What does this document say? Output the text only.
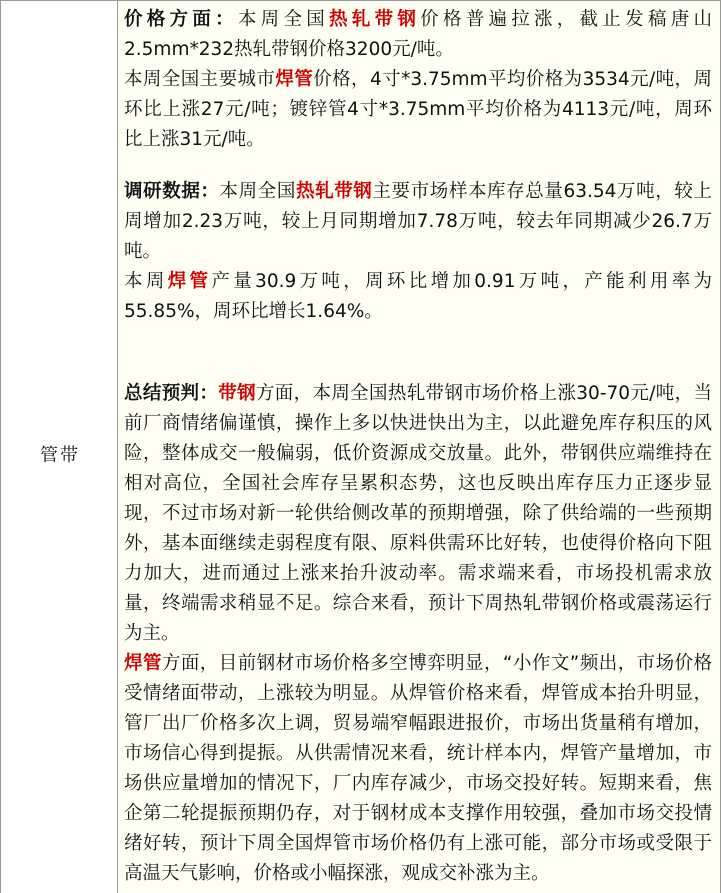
管带

价格方面：本周全国热轧带钢价格普遍拉涨，截止发稿唐山2.5mm*232热轧带钢价格3200元/吨。

本周全国主要城市焊管价格，4寸*3.75mm平均价格为3534元/吨，周环比上涨27元/吨；镀锌管4寸*3.75mm平均价格为4113元/吨，周环比上涨31元/吨。

调研数据：本周全国热轧带钢主要市场样本库存总量63.54万吨，较上周增加2.23万吨，较上月同期增加7.78万吨，较去年同期减少26.7万吨。

本周焊管产量30.9万吨，周环比增加0.91万吨，产能利用率为55.85%，周环比增长1.64%。

总结预判：带钢方面，本周全国热轧带钢市场价格上涨30-70元/吨，当前厂商情绪偏谨慎，操作上多以快进快出为主，以此避免库存积压的风险，整体成交一般偏弱，低价资源成交放量。此外，带钢供应端维持在相对高位，全国社会库存呈累积态势，这也反映出库存压力正逐步显现，不过市场对新一轮供给侧改革的预期增强，除了供给端的一些预期外，基本面继续走弱程度有限、原料供需环比好转，也使得价格向下阻力加大，进而通过上涨来抬升波动率。需求端来看，市场投机需求放量，终端需求稍显不足。综合来看，预计下周热轧带钢价格或震荡运行为主。

焊管方面，目前钢材市场价格多空博弈明显，“小作文”频出，市场价格受情绪面带动，上涨较为明显。从焊管价格来看，焊管成本抬升明显，管厂出厂价格多次上调，贸易端窄幅跟进报价，市场出货量稍有增加，市场信心得到提振。从供需情况来看，统计样本内，焊管产量增加，市场供应量增加的情况下，厂内库存减少，市场交投好转。短期来看，焦企第二轮提振预期仍存，对于钢材成本支撑作用较强，叠加市场交投情绪好转，预计下周全国焊管市场价格仍有上涨可能，部分市场或受限于高温天气影响，价格或小幅探涨，观成交补涨为主。
